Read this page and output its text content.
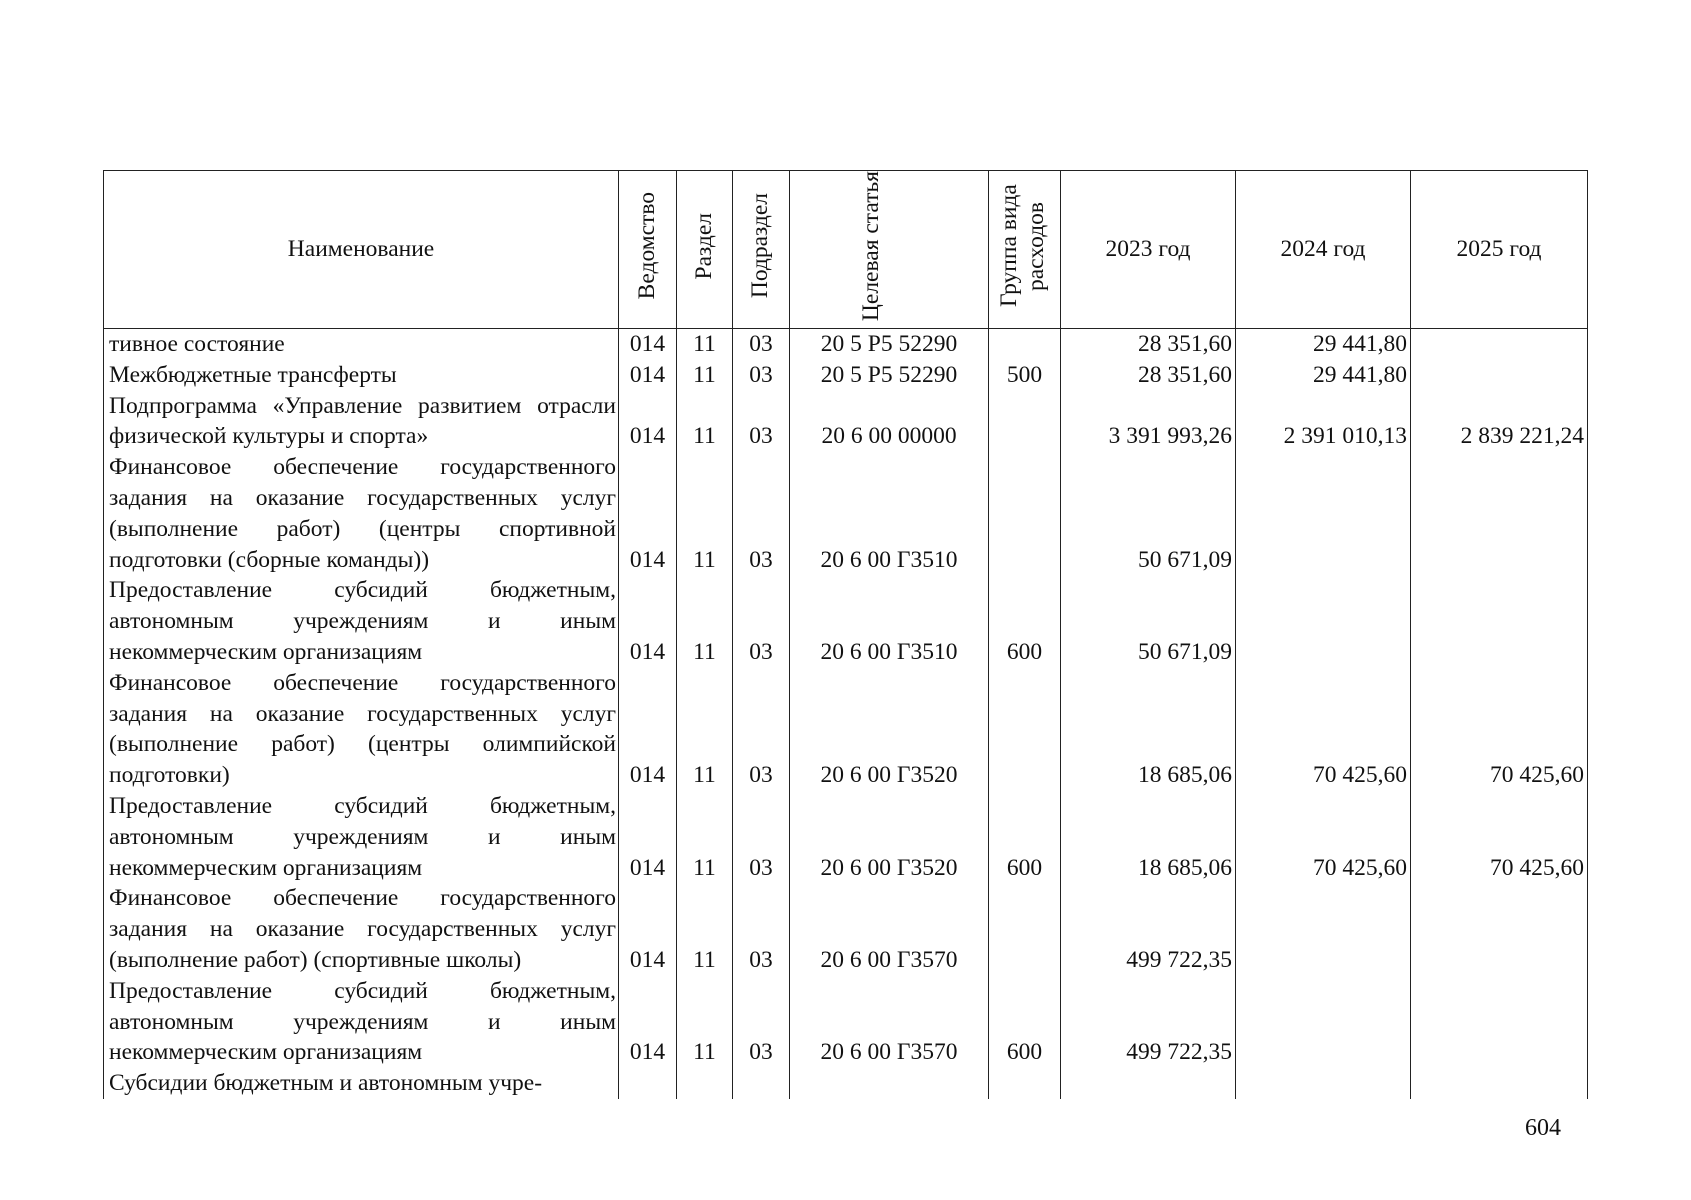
Наименование	Ведомство	Раздел	Подраздел	Целевая статья	Группа вида расходов	2023 год	2024 год	2025 год
тивное состояние	014	11	03	20 5 P5 52290		28 351,60	29 441,80	
Межбюджетные трансферты	014	11	03	20 5 P5 52290	500	28 351,60	29 441,80	
Подпрограмма «Управление развитием отрасли физической культуры и спорта»	014	11	03	20 6 00 00000		3 391 993,26	2 391 010,13	2 839 221,24
Финансовое обеспечение государственного задания на оказание государственных услуг (выполнение работ) (центры спортивной подготовки (сборные команды))	014	11	03	20 6 00 Г3510		50 671,09		
Предоставление субсидий бюджетным, автономным учреждениям и иным некоммерческим организациям	014	11	03	20 6 00 Г3510	600	50 671,09		
Финансовое обеспечение государственного задания на оказание государственных услуг (выполнение работ) (центры олимпийской подготовки)	014	11	03	20 6 00 Г3520		18 685,06	70 425,60	70 425,60
Предоставление субсидий бюджетным, автономным учреждениям и иным некоммерческим организациям	014	11	03	20 6 00 Г3520	600	18 685,06	70 425,60	70 425,60
Финансовое обеспечение государственного задания на оказание государственных услуг (выполнение работ) (спортивные школы)	014	11	03	20 6 00 Г3570		499 722,35		
Предоставление субсидий бюджетным, автономным учреждениям и иным некоммерческим организациям	014	11	03	20 6 00 Г3570	600	499 722,35		
Субсидии бюджетным и автономным учре-								
604
